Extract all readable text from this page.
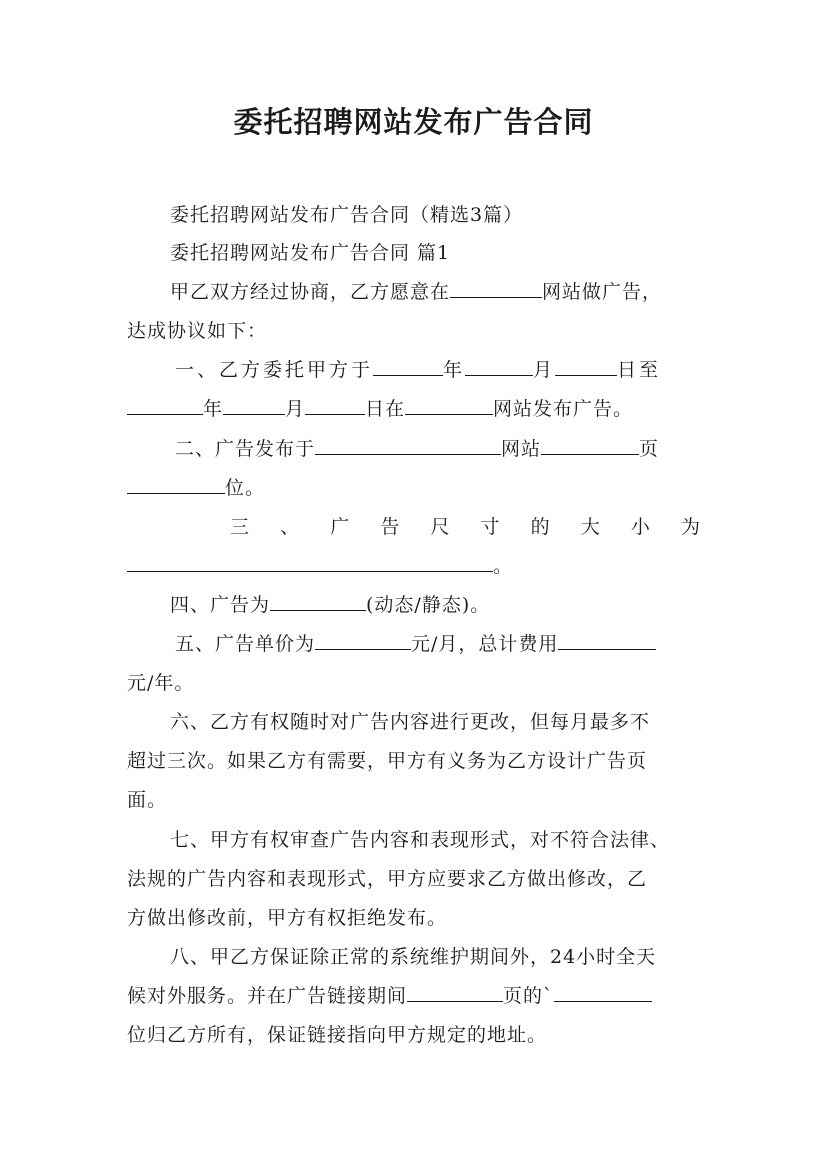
委托招聘网站发布广告合同
委托招聘网站发布广告合同（精选3篇）
委托招聘网站发布广告合同 篇1
甲乙双方经过协商，乙方愿意在	网站做广告，
达成协议如下：
一、乙方委托甲方于	年	月	日至
年	月	日在	网站发布广告。
二、广告发布于	网站	页
位。
三 、 广 告 尺 寸 的 大 小 为
。
四、广告为	(动态/静态)。
五、广告单价为	元/月，总计费用
元/年。
六、乙方有权随时对广告内容进行更改，但每月最多不
超过三次。如果乙方有需要，甲方有义务为乙方设计广告页
面。
七、甲方有权审查广告内容和表现形式，对不符合法律、
法规的广告内容和表现形式，甲方应要求乙方做出修改，乙
方做出修改前，甲方有权拒绝发布。
八、甲乙方保证除正常的系统维护期间外，24小时全天
候对外服务。并在广告链接期间	页的`
位归乙方所有，保证链接指向甲方规定的地址。
